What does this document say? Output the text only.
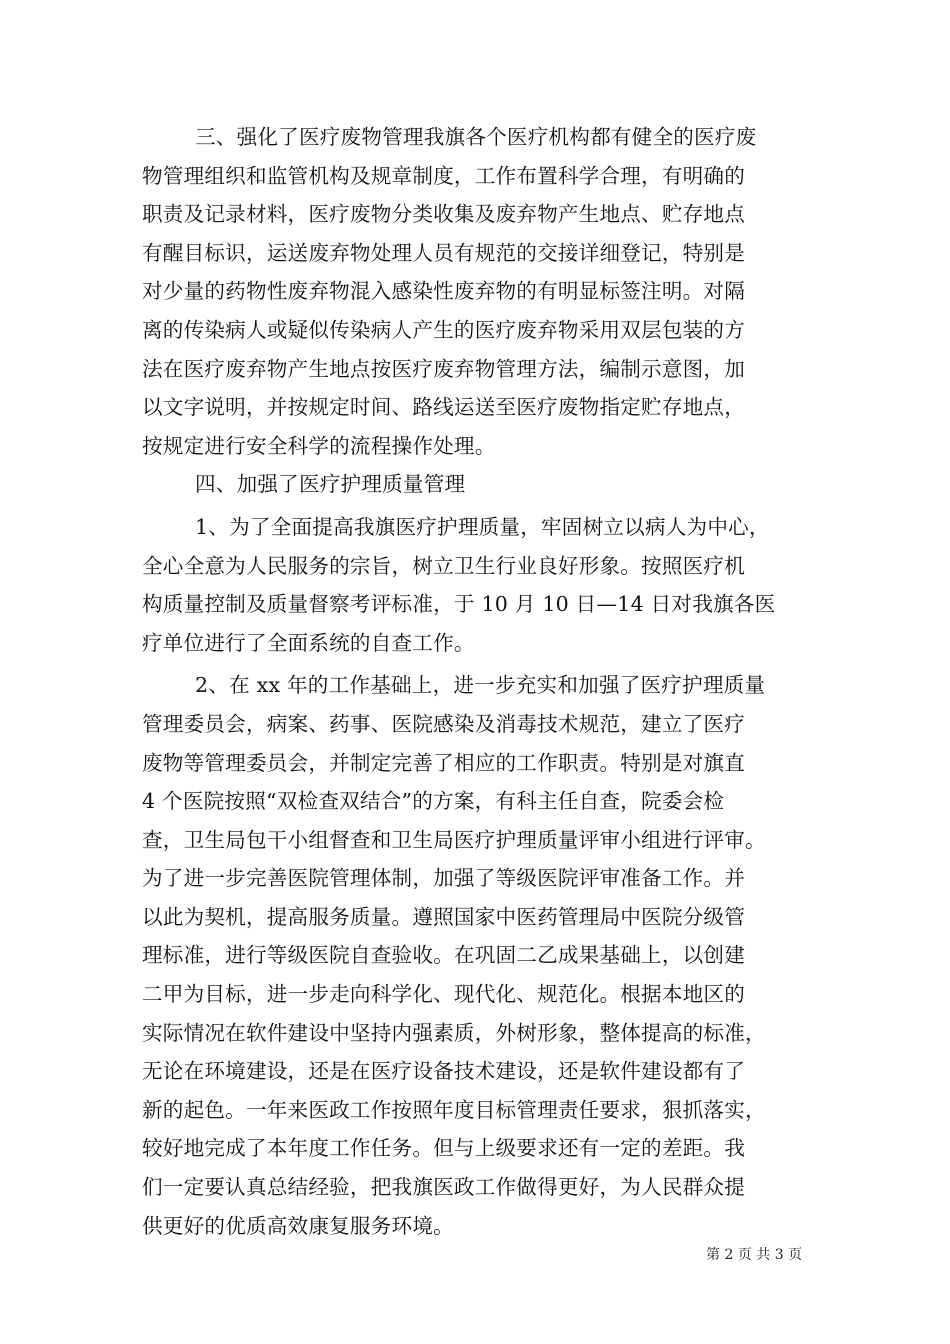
三、强化了医疗废物管理我旗各个医疗机构都有健全的医疗废
物管理组织和监管机构及规章制度，工作布置科学合理，有明确的
职责及记录材料，医疗废物分类收集及废弃物产生地点、贮存地点
有醒目标识，运送废弃物处理人员有规范的交接详细登记，特别是
对少量的药物性废弃物混入感染性废弃物的有明显标签注明。对隔
离的传染病人或疑似传染病人产生的医疗废弃物采用双层包装的方
法在医疗废弃物产生地点按医疗废弃物管理方法，编制示意图，加
以文字说明，并按规定时间、路线运送至医疗废物指定贮存地点，
按规定进行安全科学的流程操作处理。
四、加强了医疗护理质量管理
1、为了全面提高我旗医疗护理质量，牢固树立以病人为中心，
全心全意为人民服务的宗旨，树立卫生行业良好形象。按照医疗机
构质量控制及质量督察考评标准，于 10 月 10 日—14 日对我旗各医
疗单位进行了全面系统的自查工作。
2、在 xx 年的工作基础上，进一步充实和加强了医疗护理质量
管理委员会，病案、药事、医院感染及消毒技术规范，建立了医疗
废物等管理委员会，并制定完善了相应的工作职责。特别是对旗直
4 个医院按照“双检查双结合”的方案，有科主任自查，院委会检
查，卫生局包干小组督查和卫生局医疗护理质量评审小组进行评审。
为了进一步完善医院管理体制，加强了等级医院评审准备工作。并
以此为契机，提高服务质量。遵照国家中医药管理局中医院分级管
理标准，进行等级医院自查验收。在巩固二乙成果基础上，以创建
二甲为目标，进一步走向科学化、现代化、规范化。根据本地区的
实际情况在软件建设中坚持内强素质，外树形象，整体提高的标准，
无论在环境建设，还是在医疗设备技术建设，还是软件建设都有了
新的起色。一年来医政工作按照年度目标管理责任要求，狠抓落实，
较好地完成了本年度工作任务。但与上级要求还有一定的差距。我
们一定要认真总结经验，把我旗医政工作做得更好，为人民群众提
供更好的优质高效康复服务环境。
第 2 页 共 3 页
